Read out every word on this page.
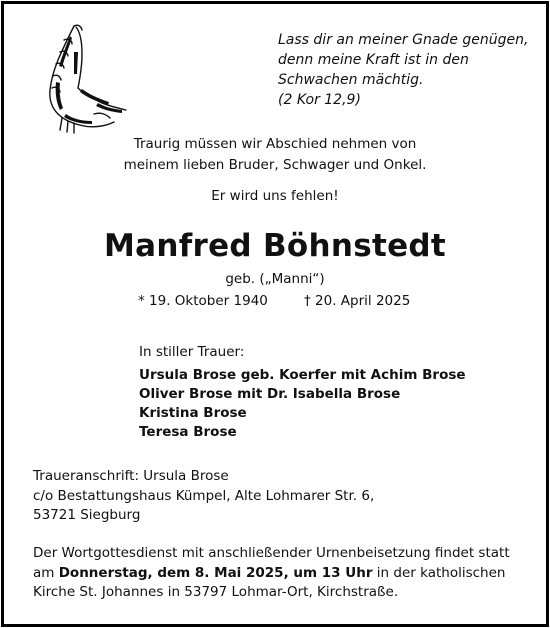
Lass dir an meiner Gnade genügen,
denn meine Kraft ist in den
Schwachen mächtig.
(2 Kor 12,9)
Traurig müssen wir Abschied nehmen von
meinem lieben Bruder, Schwager und Onkel.
Er wird uns fehlen!
Manfred Böhnstedt
geb. („Manni“)
* 19. Oktober 1940	† 20. April 2025
In stiller Trauer:
Ursula Brose geb. Koerfer mit Achim Brose
Oliver Brose mit Dr. Isabella Brose
Kristina Brose
Teresa Brose
Traueranschrift: Ursula Brose
c/o Bestattungshaus Kümpel, Alte Lohmarer Str. 6,
53721 Siegburg
Der Wortgottesdienst mit anschließender Urnenbeisetzung findet statt
am Donnerstag, dem 8. Mai 2025, um 13 Uhr in der katholischen
Kirche St. Johannes in 53797 Lohmar-Ort, Kirchstraße.
